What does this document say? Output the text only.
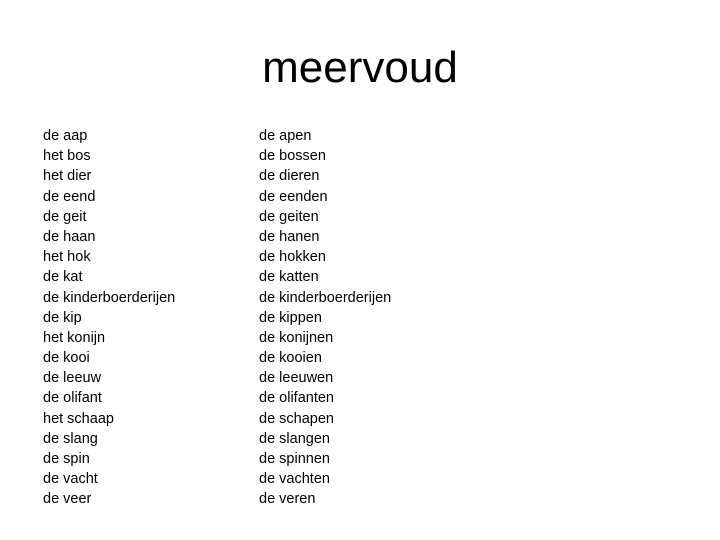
meervoud
de aap
het bos
het dier
de eend
de geit
de haan
het hok
de kat
de kinderboerderijen
de kip
het konijn
de kooi
de leeuw
de olifant
het schaap
de slang
de spin
de vacht
de veer
de apen
de bossen
de dieren
de eenden
de geiten
de hanen
de hokken
de katten
de kinderboerderijen
de kippen
de konijnen
de kooien
de leeuwen
de olifanten
de schapen
de slangen
de spinnen
de vachten
de veren
